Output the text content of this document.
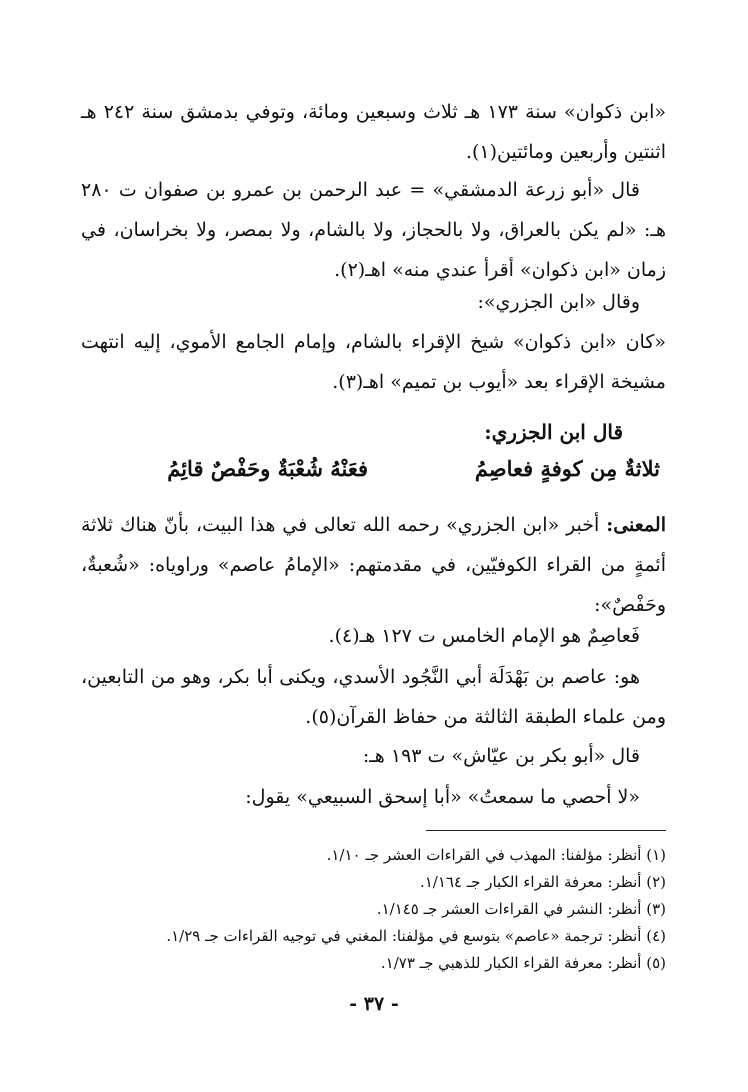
«ابن ذكوان» سنة ١٧٣ هـ ثلاث وسبعين ومائة، وتوفي بدمشق سنة ٢٤٢ هـ اثنتين وأربعين ومائتين(١).
قال «أبو زرعة الدمشقي» = عبد الرحمن بن عمرو بن صفوان ت ٢٨٠ هـ: «لم يكن بالعراق، ولا بالحجاز، ولا بالشام، ولا بمصر، ولا بخراسان، في زمان «ابن ذكوان» أقرأ عندي منه» اهـ(٢).
وقال «ابن الجزري»:
«كان «ابن ذكوان» شيخ الإقراء بالشام، وإمام الجامع الأموي، إليه انتهت مشيخة الإقراء بعد «أيوب بن تميم» اهـ(٣).
قال ابن الجزري:
ثلاثةٌ مِن كوفةٍ فعاصِمُ
فعَنْهُ شُعْبَةٌ وحَفْصٌ قائِمُ
المعنى: أخبر «ابن الجزري» رحمه الله تعالى في هذا البيت، بأنّ هناك ثلاثة أئمةٍ من القراء الكوفيّين، في مقدمتهم: «الإمامُ عاصم» وراوياه: «شُعبةٌ، وحَفْصٌ»:
فَعاصِمٌ هو الإمام الخامس ت ١٢٧ هـ(٤).
هو: عاصم بن بَهْدَلَة أبي النَّجُود الأسدي، ويكنى أبا بكر، وهو من التابعين، ومن علماء الطبقة الثالثة من حفاظ القرآن(٥).
قال «أبو بكر بن عيّاش» ت ١٩٣ هـ:
«لا أحصي ما سمعتُ» «أبا إسحق السبيعي» يقول:
(١) أنظر: مؤلفنا: المهذب في القراءات العشر جـ ١/١٠.
(٢) أنظر: معرفة القراء الكبار جـ ١/١٦٤.
(٣) أنظر: النشر في القراءات العشر جـ ١/١٤٥.
(٤) أنظر: ترجمة «عاصم» بتوسع في مؤلفنا: المغني في توجيه القراءات جـ ١/٢٩.
(٥) أنظر: معرفة القراء الكبار للذهبي جـ ١/٧٣.
- ٣٧ -
